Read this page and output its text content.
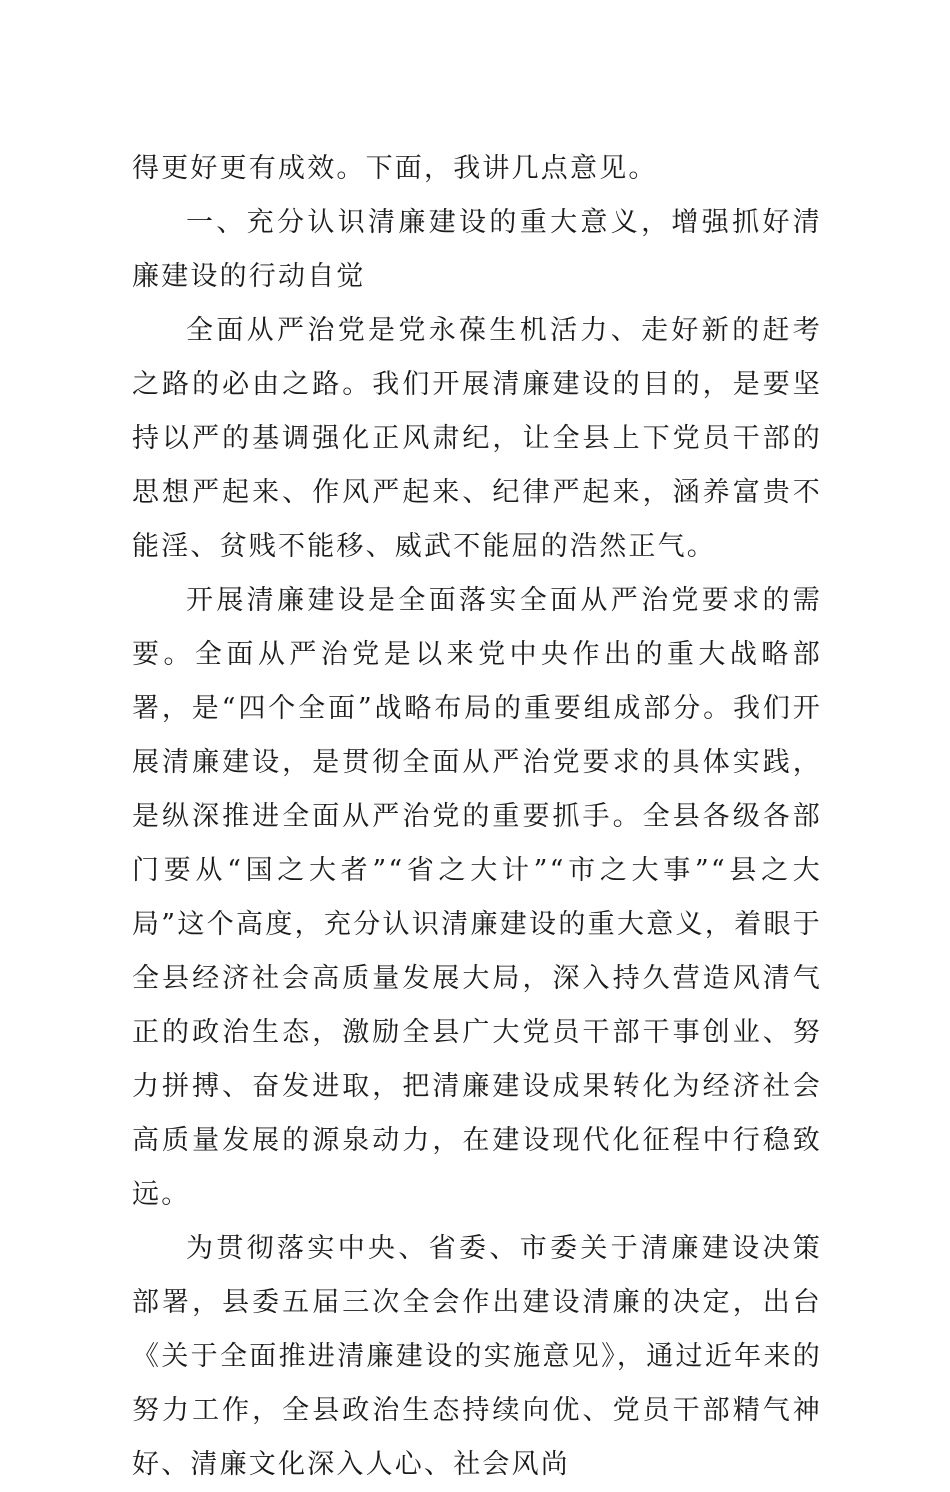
得更好更有成效。下面，我讲几点意见。

一、充分认识清廉建设的重大意义，增强抓好清廉建设的行动自觉

全面从严治党是党永葆生机活力、走好新的赶考之路的必由之路。我们开展清廉建设的目的，是要坚持以严的基调强化正风肃纪，让全县上下党员干部的思想严起来、作风严起来、纪律严起来，涵养富贵不能淫、贫贱不能移、威武不能屈的浩然正气。

开展清廉建设是全面落实全面从严治党要求的需要。全面从严治党是以来党中央作出的重大战略部署，是“四个全面”战略布局的重要组成部分。我们开展清廉建设，是贯彻全面从严治党要求的具体实践，是纵深推进全面从严治党的重要抓手。全县各级各部门要从“国之大者”“省之大计”“市之大事”“县之大局”这个高度，充分认识清廉建设的重大意义，着眼于全县经济社会高质量发展大局，深入持久营造风清气正的政治生态，激励全县广大党员干部干事创业、努力拼搏、奋发进取，把清廉建设成果转化为经济社会高质量发展的源泉动力，在建设现代化征程中行稳致远。

为贯彻落实中央、省委、市委关于清廉建设决策部署，县委五届三次全会作出建设清廉的决定，出台《关于全面推进清廉建设的实施意见》，通过近年来的努力工作，全县政治生态持续向优、党员干部精气神好、清廉文化深入人心、社会风尚
